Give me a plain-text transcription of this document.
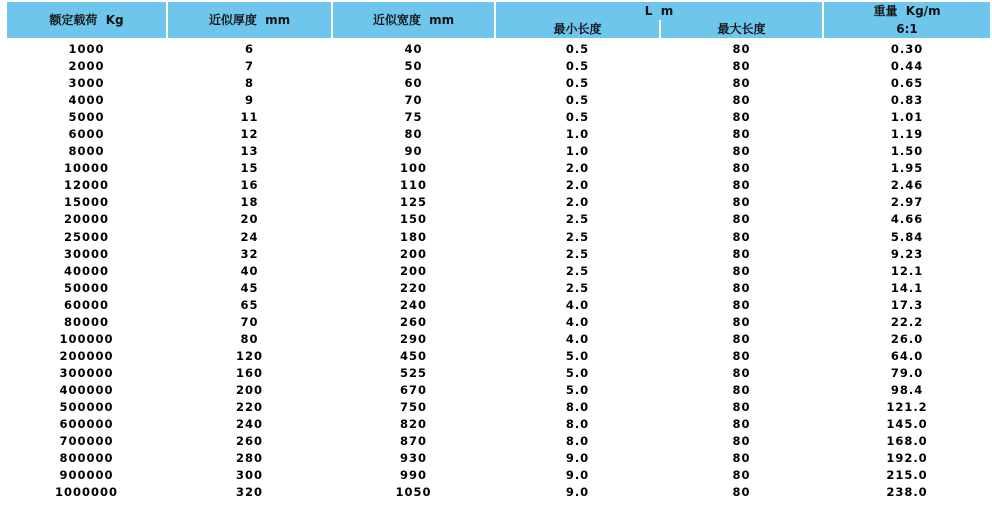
额定载荷  Kg	近似厚度  mm	近似宽度  mm	L  m		重量  Kg/m
			最小长度	最大长度	6:1

1000	6	40	0.5	80	0.30
2000	7	50	0.5	80	0.44
3000	8	60	0.5	80	0.65
4000	9	70	0.5	80	0.83
5000	11	75	0.5	80	1.01
6000	12	80	1.0	80	1.19
8000	13	90	1.0	80	1.50
10000	15	100	2.0	80	1.95
12000	16	110	2.0	80	2.46
15000	18	125	2.0	80	2.97
20000	20	150	2.5	80	4.66
25000	24	180	2.5	80	5.84
30000	32	200	2.5	80	9.23
40000	40	200	2.5	80	12.1
50000	45	220	2.5	80	14.1
60000	65	240	4.0	80	17.3
80000	70	260	4.0	80	22.2
100000	80	290	4.0	80	26.0
200000	120	450	5.0	80	64.0
300000	160	525	5.0	80	79.0
400000	200	670	5.0	80	98.4
500000	220	750	8.0	80	121.2
600000	240	820	8.0	80	145.0
700000	260	870	8.0	80	168.0
800000	280	930	9.0	80	192.0
900000	300	990	9.0	80	215.0
1000000	320	1050	9.0	80	238.0
